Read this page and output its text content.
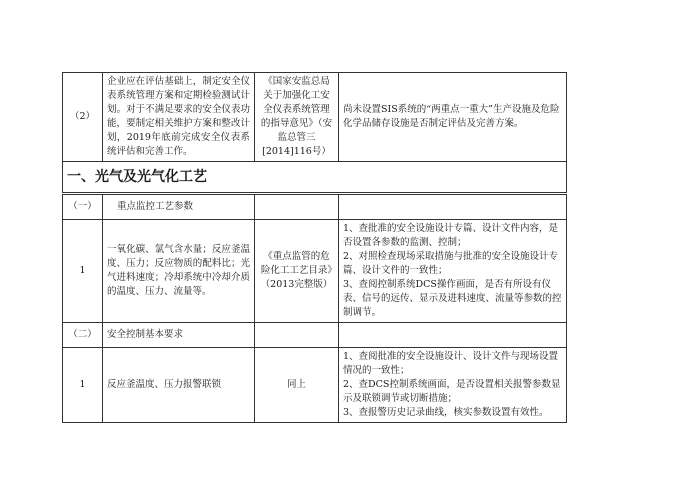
（2）	企业应在评估基础上，制定安全仪表系统管理方案和定期检验测试计划。对于不满足要求的安全仪表功能，要制定相关维护方案和整改计划，2019年底前完成安全仪表系统评估和完善工作。	《国家安监总局关于加强化工安全仪表系统管理的指导意见》（安监总管三[2014]116号）	尚未设置SIS系统的“两重点一重大”生产设施及危险化学品储存设施是否制定评估及完善方案。
一、光气及光气化工艺			
（一）	重点监控工艺参数		
1	一氧化碳、氯气含水量；反应釜温度、压力；反应物质的配料比；光气进料速度；冷却系统中冷却介质的温度、压力、流量等。	《重点监管的危险化工工艺目录》（2013完整版）	1、查批准的安全设施设计专篇、设计文件内容，是否设置各参数的监测、控制；
2、对照检查现场采取措施与批准的安全设施设计专篇、设计文件的一致性；
3、查阅控制系统DCS操作画面，是否有所设有仪表、信号的远传、显示及进料速度、流量等参数的控制调节。

（二）	安全控制基本要求		
1	反应釜温度、压力报警联锁	同上	1、查阅批准的安全设施设计、设计文件与现场设置情况的一致性；
2、查DCS控制系统画面，是否设置相关报警参数显示及联锁调节或切断措施；
3、查报警历史记录曲线，核实参数设置有效性。
